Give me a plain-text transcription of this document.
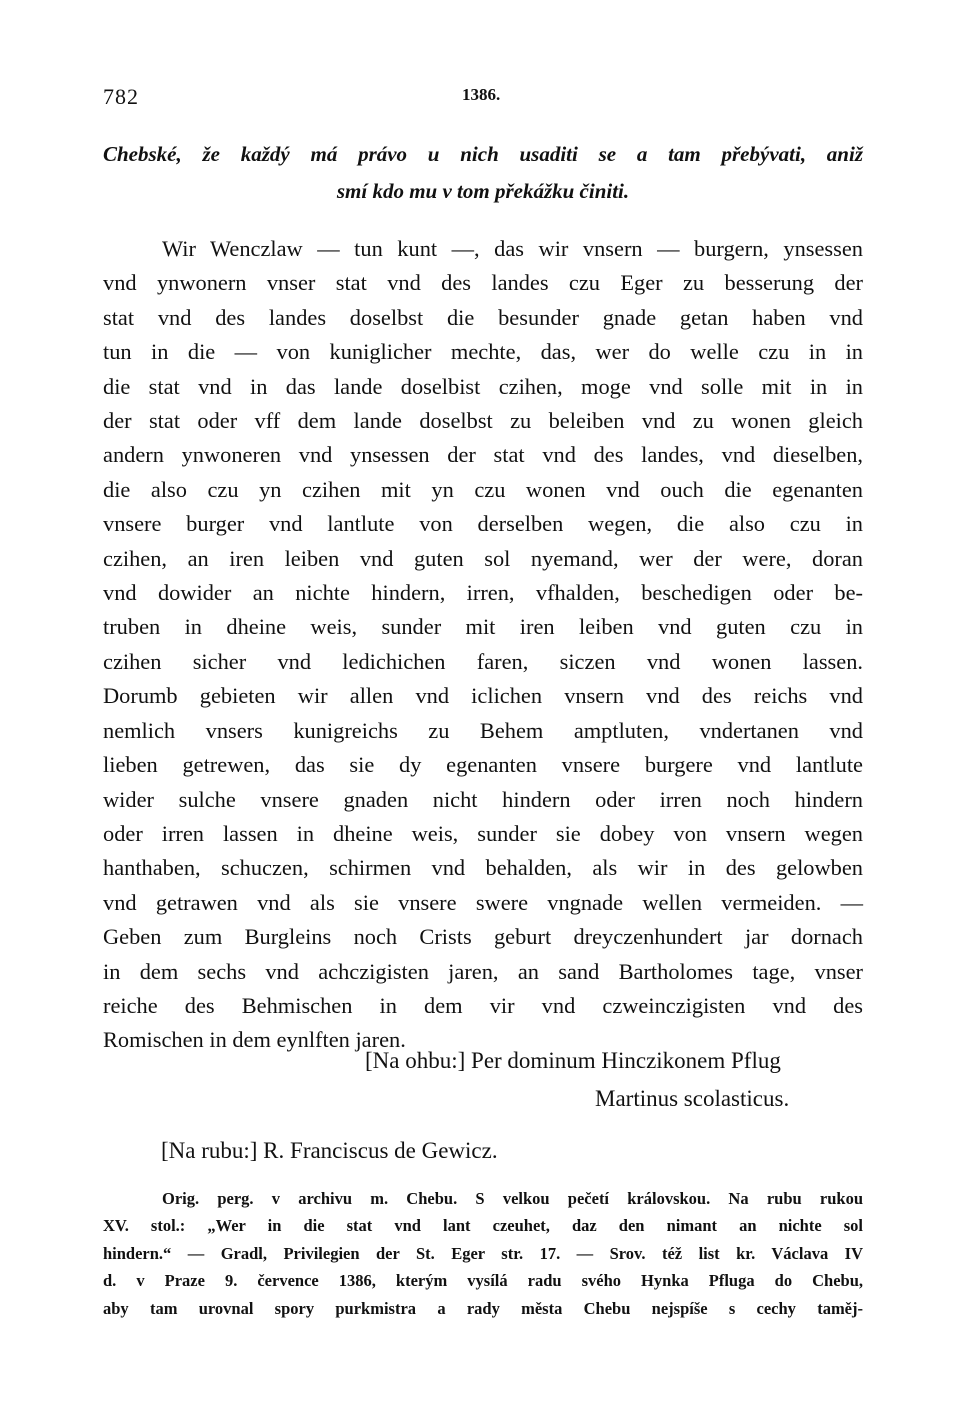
782	1386.
Chebské, že každý má právo u nich usaditi se a tam přebývati, aniž
smí kdo mu v tom překážku činiti.
Wir Wenczlaw — tun kunt —, das wir vnsern — burgern, ynsessen
vnd ynwonern vnser stat vnd des landes czu Eger zu besserung der
stat vnd des landes doselbst die besunder gnade getan haben vnd
tun in die — von kuniglicher mechte, das, wer do welle czu in in
die stat vnd in das lande doselbist czihen, moge vnd solle mit in in
der stat oder vff dem lande doselbst zu beleiben vnd zu wonen gleich
andern ynwoneren vnd ynsessen der stat vnd des landes, vnd dieselben,
die also czu yn czihen mit yn czu wonen vnd ouch die egenanten
vnsere burger vnd lantlute von derselben wegen, die also czu in
czihen, an iren leiben vnd guten sol nyemand, wer der were, doran
vnd dowider an nichte hindern, irren, vfhalden, beschedigen oder be-
truben in dheine weis, sunder mit iren leiben vnd guten czu in
czihen sicher vnd ledichichen faren, siczen vnd wonen lassen.
Dorumb gebieten wir allen vnd iclichen vnsern vnd des reichs vnd
nemlich vnsers kunigreichs zu Behem amptluten, vndertanen vnd
lieben getrewen, das sie dy egenanten vnsere burgere vnd lantlute
wider sulche vnsere gnaden nicht hindern oder irren noch hindern
oder irren lassen in dheine weis, sunder sie dobey von vnsern wegen
hanthaben, schuczen, schirmen vnd behalden, als wir in des gelowben
vnd getrawen vnd als sie vnsere swere vngnade wellen vermeiden. —
Geben zum Burgleins noch Crists geburt dreyczenhundert jar dornach
in dem sechs vnd achczigisten jaren, an sand Bartholomes tage, vnser
reiche des Behmischen in dem vir vnd czweinczigisten vnd des
Romischen in dem eynlften jaren.
[Na ohbu:] Per dominum Hinczikonem Pflug
Martinus scolasticus.
[Na rubu:] R. Franciscus de Gewicz.
Orig. perg. v archivu m. Chebu. S velkou pečetí královskou. Na rubu rukou
XV. stol.: „Wer in die stat vnd lant czeuhet, daz den nimant an nichte sol
hindern.“ — Gradl, Privilegien der St. Eger str. 17. — Srov. též list kr. Václava IV
d. v Praze 9. července 1386, kterým vysílá radu svého Hynka Pfluga do Chebu,
aby tam urovnal spory purkmistra a rady města Chebu nejspíše s cechy taměj-
